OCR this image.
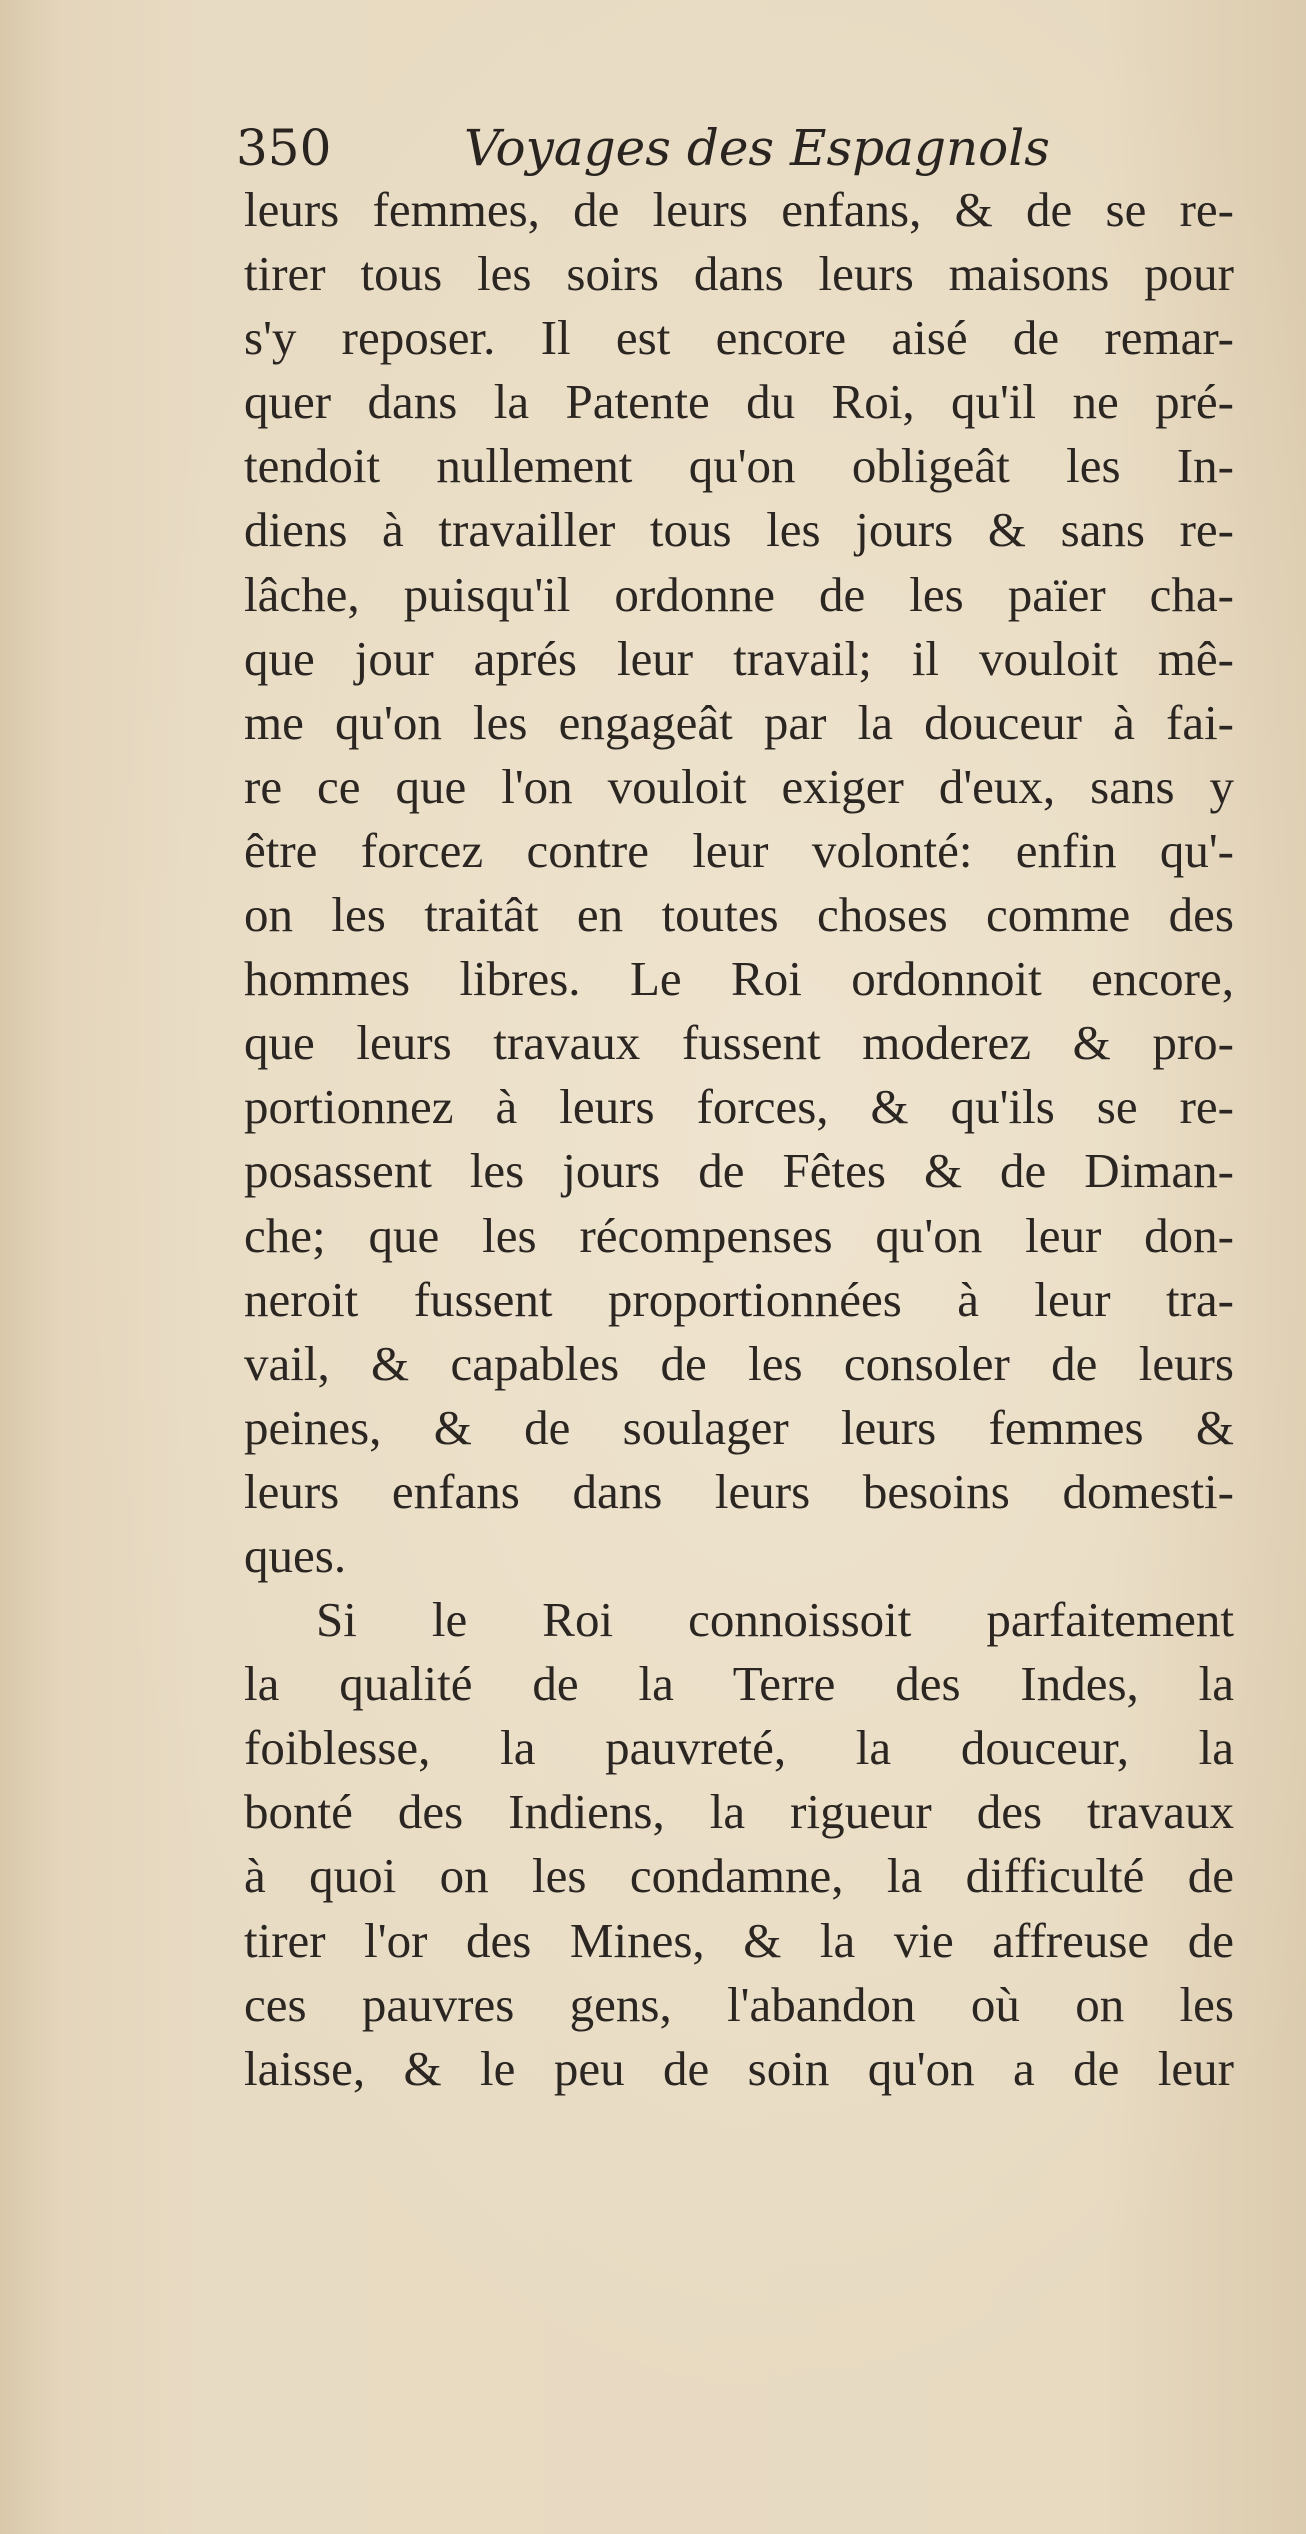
350	Voyages des Espagnols
leurs femmes, de leurs enfans, & de se re-
tirer tous les soirs dans leurs maisons pour
s'y reposer. Il est encore aisé de remar-
quer dans la Patente du Roi, qu'il ne pré-
tendoit nullement qu'on obligeât les In-
diens à travailler tous les jours & sans re-
lâche, puisqu'il ordonne de les païer cha-
que jour aprés leur travail; il vouloit mê-
me qu'on les engageât par la douceur à fai-
re ce que l'on vouloit exiger d'eux, sans y
être forcez contre leur volonté: enfin qu'-
on les traitât en toutes choses comme des
hommes libres. Le Roi ordonnoit encore,
que leurs travaux fussent moderez & pro-
portionnez à leurs forces, & qu'ils se re-
posassent les jours de Fêtes & de Diman-
che; que les récompenses qu'on leur don-
neroit fussent proportionnées à leur tra-
vail, & capables de les consoler de leurs
peines, & de soulager leurs femmes &
leurs enfans dans leurs besoins domesti-
ques.
Si le Roi connoissoit parfaitement
la qualité de la Terre des Indes, la
foiblesse, la pauvreté, la douceur, la
bonté des Indiens, la rigueur des travaux
à quoi on les condamne, la difficulté de
tirer l'or des Mines, & la vie affreuse de
ces pauvres gens, l'abandon où on les
laisse, & le peu de soin qu'on a de leur
